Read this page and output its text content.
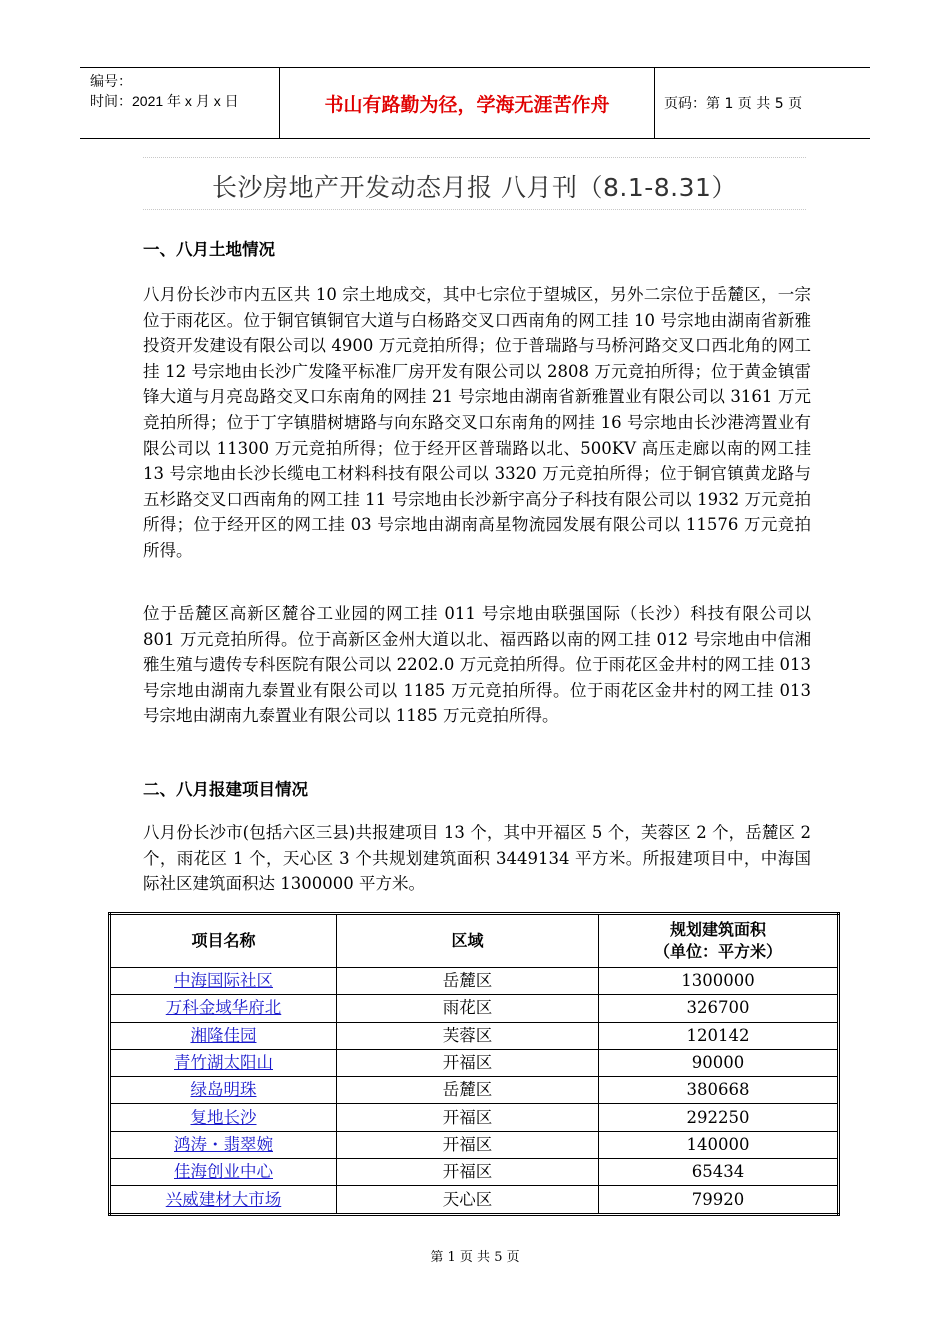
编号：
时间：2021 年 x 月 x 日	书山有路勤为径，学海无涯苦作舟	页码：第 1 页 共 5 页
长沙房地产开发动态月报 八月刊（8.1-8.31）
一、八月土地情况

八月份长沙市内五区共 10 宗土地成交，其中七宗位于望城区，另外二宗位于岳麓区，一宗位于雨花区。位于铜官镇铜官大道与白杨路交叉口西南角的网工挂 10 号宗地由湖南省新雅投资开发建设有限公司以 4900 万元竞拍所得；位于普瑞路与马桥河路交叉口西北角的网工挂 12 号宗地由长沙广发隆平标准厂房开发有限公司以 2808 万元竞拍所得；位于黄金镇雷锋大道与月亮岛路交叉口东南角的网挂 21 号宗地由湖南省新雅置业有限公司以 3161 万元竞拍所得；位于丁字镇腊树塘路与向东路交叉口东南角的网挂 16 号宗地由长沙港湾置业有限公司以 11300 万元竞拍所得；位于经开区普瑞路以北、500KV 高压走廊以南的网工挂 13 号宗地由长沙长缆电工材料科技有限公司以 3320 万元竞拍所得；位于铜官镇黄龙路与五杉路交叉口西南角的网工挂 11 号宗地由长沙新宇高分子科技有限公司以 1932 万元竞拍所得；位于经开区的网工挂 03 号宗地由湖南高星物流园发展有限公司以 11576 万元竞拍所得。

位于岳麓区高新区麓谷工业园的网工挂 011 号宗地由联强国际（长沙）科技有限公司以 801 万元竞拍所得。位于高新区金州大道以北、福西路以南的网工挂 012 号宗地由中信湘雅生殖与遗传专科医院有限公司以 2202.0 万元竞拍所得。位于雨花区金井村的网工挂 013 号宗地由湖南九泰置业有限公司以 1185 万元竞拍所得。位于雨花区金井村的网工挂 013 号宗地由湖南九泰置业有限公司以 1185 万元竞拍所得。

二、八月报建项目情况

八月份长沙市(包括六区三县)共报建项目 13 个，其中开福区 5 个，芙蓉区 2 个，岳麓区 2 个，雨花区 1 个，天心区 3 个共规划建筑面积 3449134 平方米。所报建项目中，中海国际社区建筑面积达 1300000 平方米。

项目名称	区域	规划建筑面积
（单位：平方米）

中海国际社区	岳麓区	1300000
万科金域华府北	雨花区	326700
湘隆佳园	芙蓉区	120142
青竹湖太阳山	开福区	90000
绿岛明珠	岳麓区	380668
复地长沙	开福区	292250
鸿涛・翡翠婉	开福区	140000
佳海创业中心	开福区	65434
兴威建材大市场	天心区	79920
第 1 页 共 5 页
